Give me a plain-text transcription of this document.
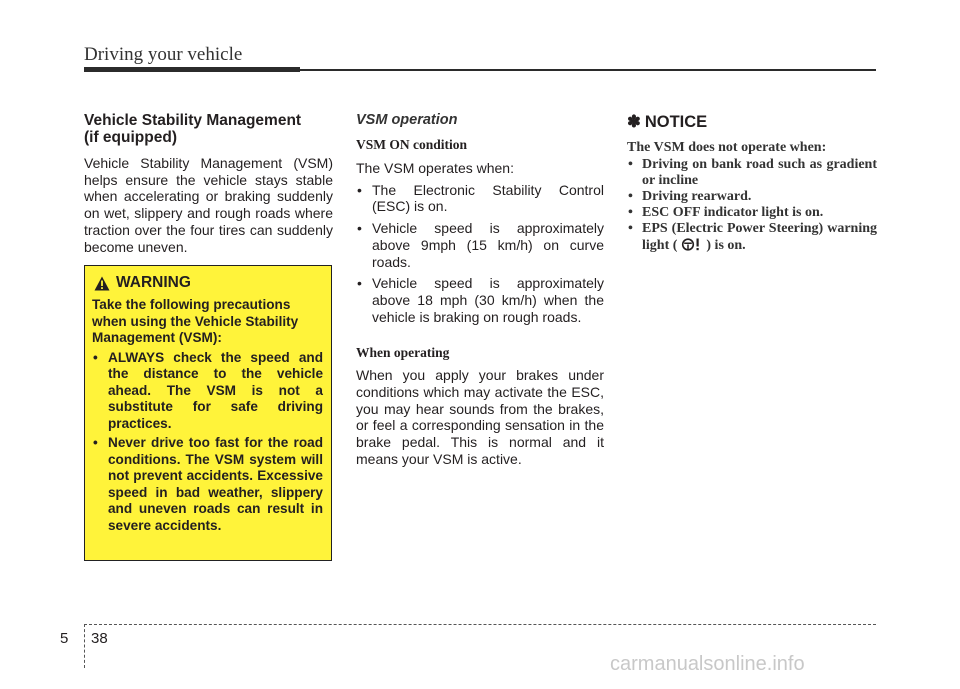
Driving your vehicle
Vehicle Stability Management
(if equipped)

Vehicle Stability Management (VSM) helps ensure the vehicle stays stable when accelerating or braking suddenly on wet, slippery and rough roads where traction over the four tires can suddenly become uneven.

WARNING

Take the following precautions when using the Vehicle Stability Management (VSM):

• ALWAYS check the speed and the distance to the vehicle ahead. The VSM is not a substitute for safe driving practices.
• Never drive too fast for the road conditions. The VSM system will not prevent accidents. Excessive speed in bad weather, slippery and uneven roads can result in severe accidents.

VSM operation

VSM ON condition

The VSM operates when:

• The Electronic Stability Control (ESC) is on.
• Vehicle speed is approximately above 9mph (15 km/h) on curve roads.
• Vehicle speed is approximately above 18 mph (30 km/h) when the vehicle is braking on rough roads.

When operating

When you apply your brakes under conditions which may activate the ESC, you may hear sounds from the brakes, or feel a corresponding sensation in the brake pedal. This is normal and it means your VSM is active.

✽ NOTICE

The VSM does not operate when:

• Driving on bank road such as gradient or incline
• Driving rearward.
• ESC OFF indicator light is on.
• EPS (Electric Power Steering) warning light ( ) is on.
5 38
carmanualsonline.info
